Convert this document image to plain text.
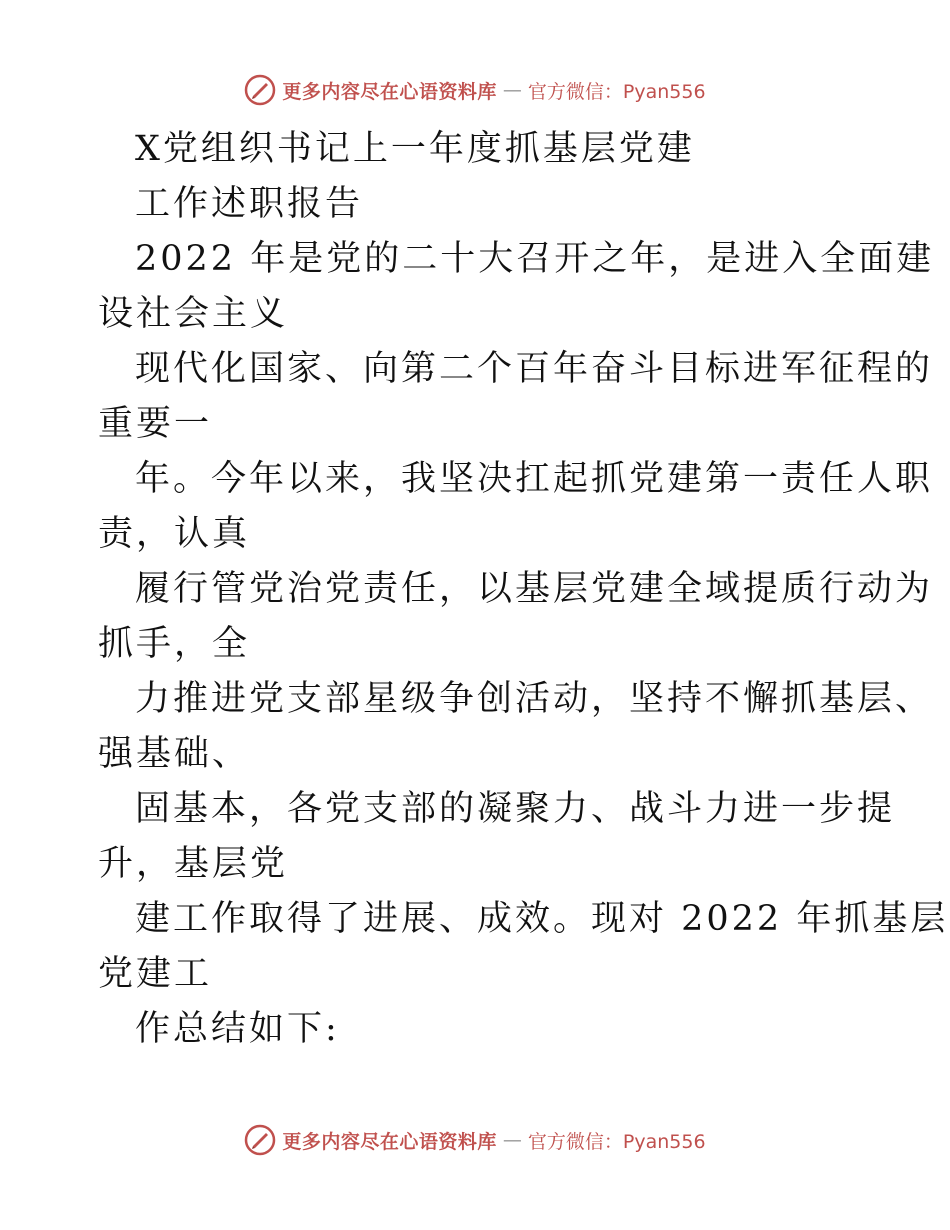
更多内容尽在心语资料库 — 官方微信：Pyan556
X党组织书记上一年度抓基层党建
工作述职报告
2022 年是党的二十大召开之年，是进入全面建
设社会主义
现代化国家、向第二个百年奋斗目标进军征程的
重要一
年。今年以来，我坚决扛起抓党建第一责任人职
责，认真
履行管党治党责任，以基层党建全域提质行动为
抓手，全
力推进党支部星级争创活动，坚持不懈抓基层、
强基础、
固基本，各党支部的凝聚力、战斗力进一步提
升，基层党
建工作取得了进展、成效。现对 2022 年抓基层
党建工
作总结如下:
更多内容尽在心语资料库 — 官方微信：Pyan556
